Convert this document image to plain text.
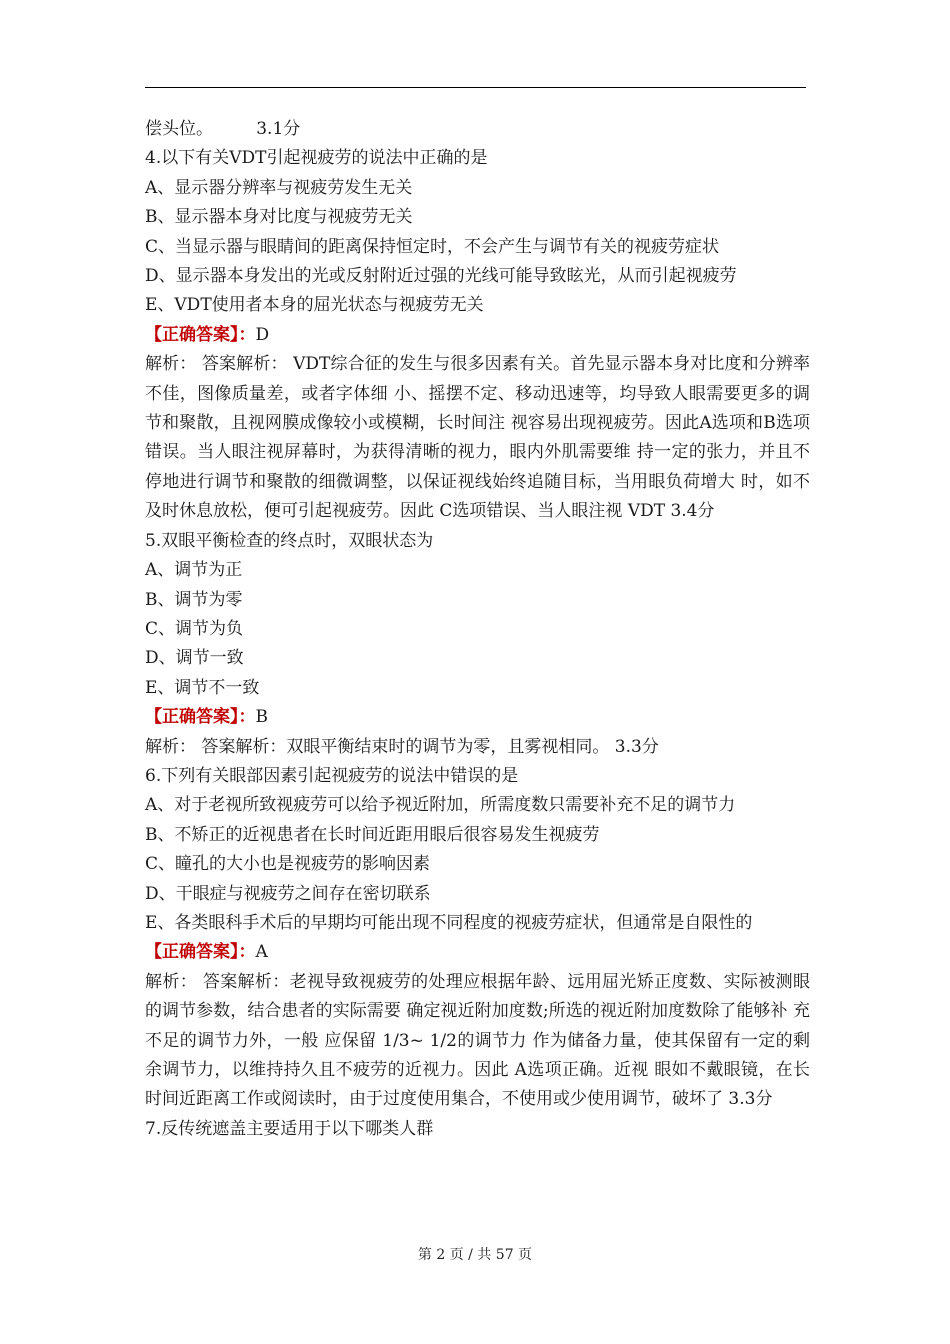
偿头位。        3.1分
4.以下有关VDT引起视疲劳的说法中正确的是
A、显示器分辨率与视疲劳发生无关
B、显示器本身对比度与视疲劳无关
C、当显示器与眼睛间的距离保持恒定时，不会产生与调节有关的视疲劳症状
D、显示器本身发出的光或反射附近过强的光线可能导致眩光，从而引起视疲劳
E、VDT使用者本身的屈光状态与视疲劳无关
【正确答案】：D
解析： 答案解析： VDT综合征的发生与很多因素有关。首先显示器本身对比度和分辨率不佳，图像质量差，或者字体细 小、摇摆不定、移动迅速等，均导致人眼需要更多的调节和聚散，且视网膜成像较小或模糊，长时间注 视容易出现视疲劳。因此A选项和B选项错误。当人眼注视屏幕时，为获得清晰的视力，眼内外肌需要维 持一定的张力，并且不停地进行调节和聚散的细微调整，以保证视线始终追随目标，当用眼负荷增大 时，如不及时休息放松，便可引起视疲劳。因此 C选项错误、当人眼注视 VDT 3.4分
5.双眼平衡检查的终点时，双眼状态为
A、调节为正
B、调节为零
C、调节为负
D、调节一致
E、调节不一致
【正确答案】：B
解析： 答案解析：双眼平衡结束时的调节为零，且雾视相同。 3.3分
6.下列有关眼部因素引起视疲劳的说法中错误的是
A、对于老视所致视疲劳可以给予视近附加，所需度数只需要补充不足的调节力
B、不矫正的近视患者在长时间近距用眼后很容易发生视疲劳
C、瞳孔的大小也是视疲劳的影响因素
D、干眼症与视疲劳之间存在密切联系
E、各类眼科手术后的早期均可能出现不同程度的视疲劳症状，但通常是自限性的
【正确答案】：A
解析： 答案解析：老视导致视疲劳的处理应根据年龄、远用屈光矫正度数、实际被测眼的调节参数，结合患者的实际需要 确定视近附加度数;所选的视近附加度数除了能够补 充不足的调节力外，一般 应保留 1/3~ 1/2的调节力 作为储备力量，使其保留有一定的剩余调节力，以维持持久且不疲劳的近视力。因此 A选项正确。近视 眼如不戴眼镜，在长时间近距离工作或阅读时，由于过度使用集合，不使用或少使用调节，破坏了 3.3分
7.反传统遮盖主要适用于以下哪类人群
第 2 页 / 共 57 页
